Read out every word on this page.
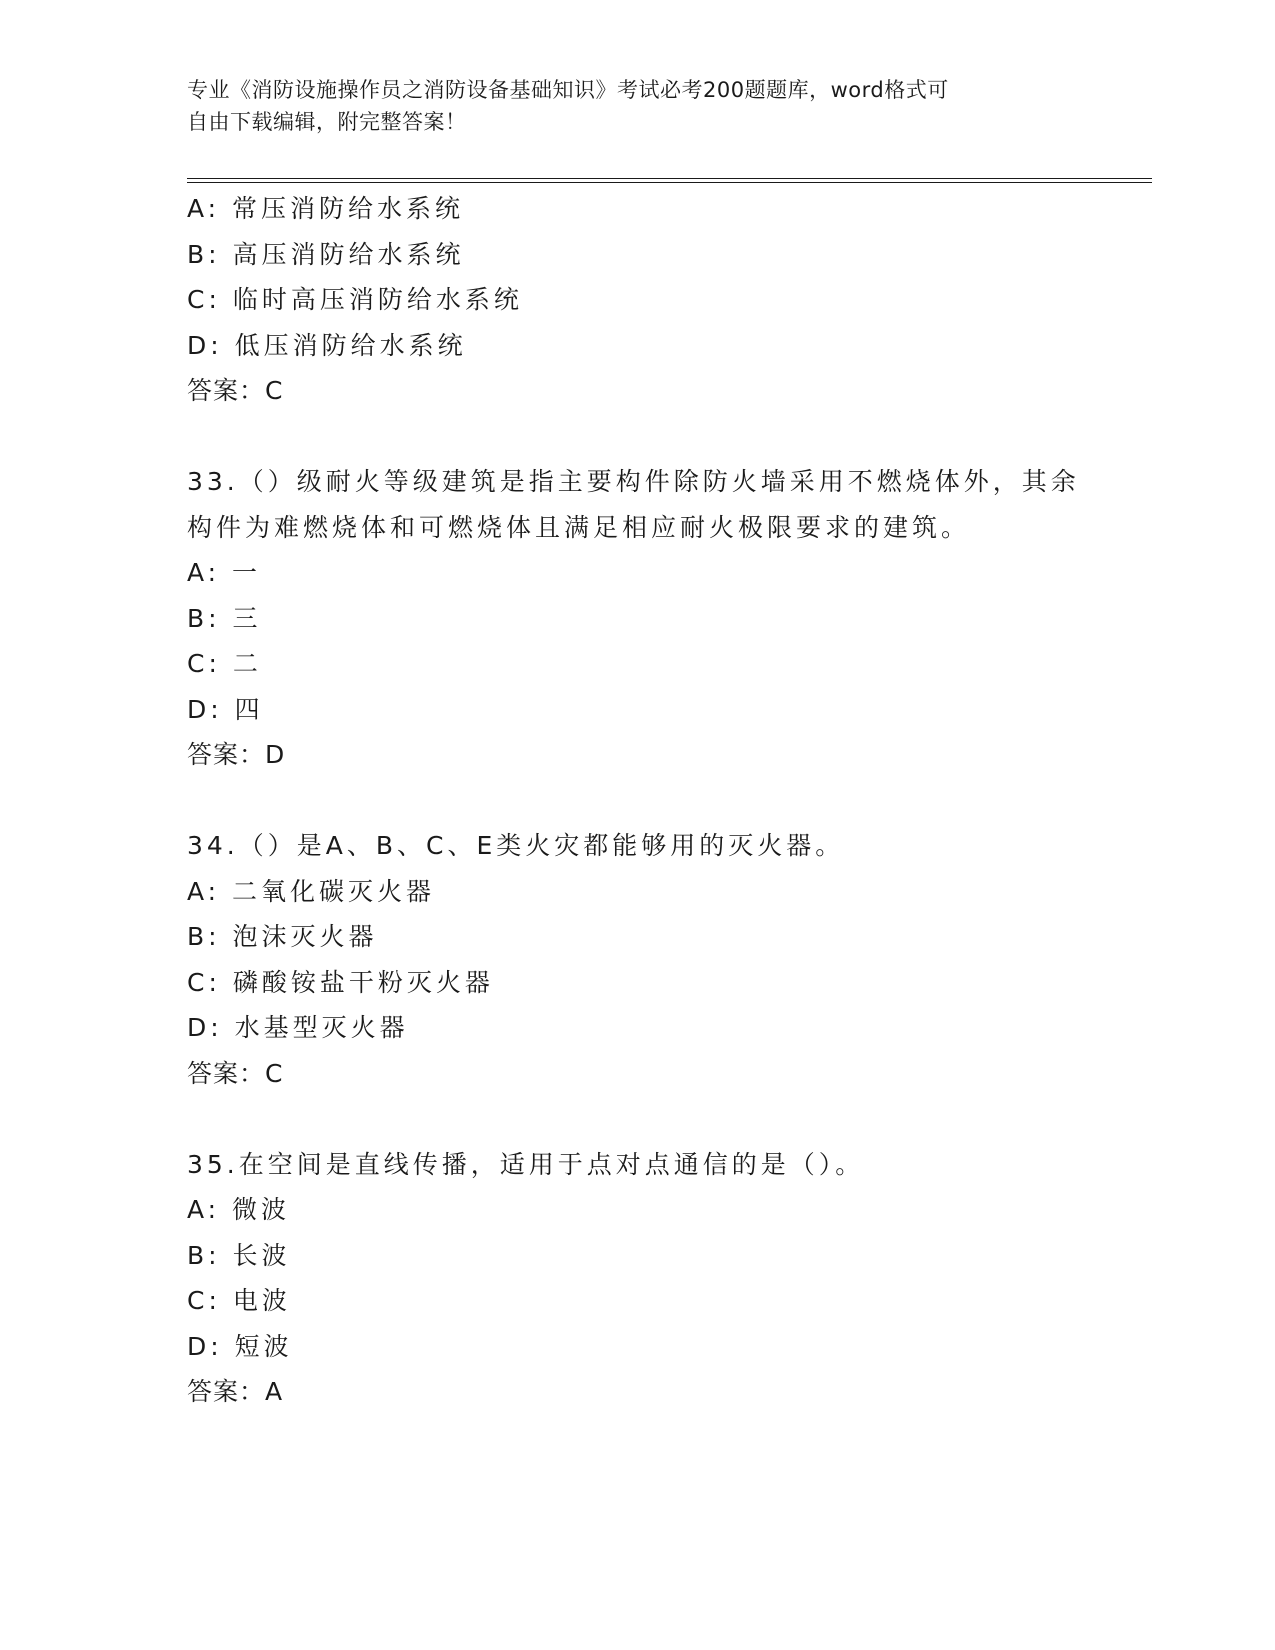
专业《消防设施操作员之消防设备基础知识》考试必考200题题库，word格式可
自由下载编辑，附完整答案！
A: 常压消防给水系统
B: 高压消防给水系统
C: 临时高压消防给水系统
D: 低压消防给水系统
答案：C
33.（）级耐火等级建筑是指主要构件除防火墙采用不燃烧体外，其余
构件为难燃烧体和可燃烧体且满足相应耐火极限要求的建筑。
A: 一
B: 三
C: 二
D: 四
答案：D
34.（）是A、B、C、E类火灾都能够用的灭火器。
A: 二氧化碳灭火器
B: 泡沫灭火器
C: 磷酸铵盐干粉灭火器
D: 水基型灭火器
答案：C
35.在空间是直线传播，适用于点对点通信的是（）。
A: 微波
B: 长波
C: 电波
D: 短波
答案：A
